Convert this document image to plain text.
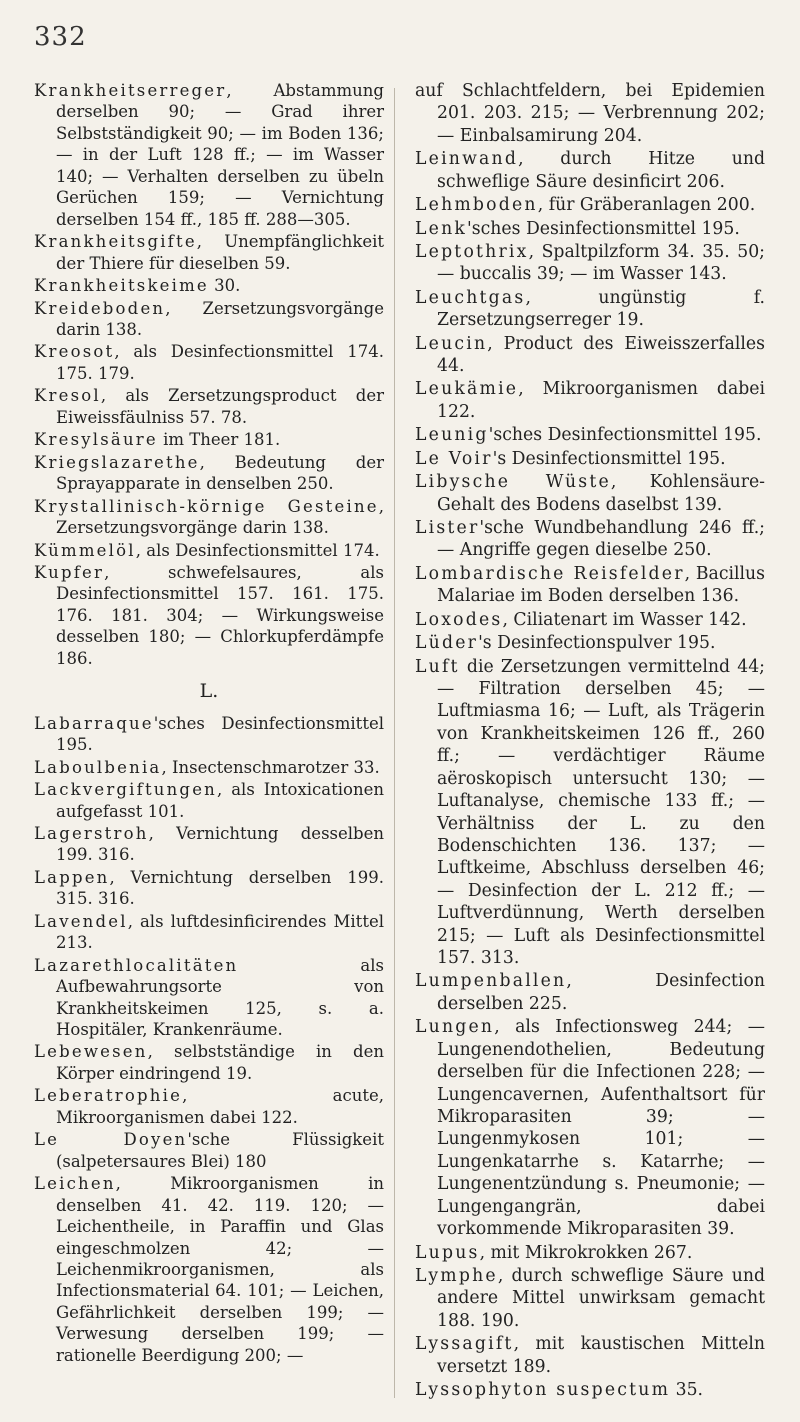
332
Krankheitserreger, Abstammung derselben 90; — Grad ihrer Selbstständigkeit 90; — im Boden 136; — in der Luft 128 ff.; — im Wasser 140; — Verhalten derselben zu übeln Gerüchen 159; — Vernichtung derselben 154 ff., 185 ff. 288—305.
Krankheitsgifte, Unempfänglichkeit der Thiere für dieselben 59.
Krankheitskeime 30.
Kreideboden, Zersetzungsvorgänge darin 138.
Kreosot, als Desinfectionsmittel 174. 175. 179.
Kresol, als Zersetzungsproduct der Eiweissfäulniss 57. 78.
Kresylsäure im Theer 181.
Kriegslazarethe, Bedeutung der Sprayapparate in denselben 250.
Krystallinisch-körnige Gesteine, Zersetzungsvorgänge darin 138.
Kümmelöl, als Desinfectionsmittel 174.
Kupfer, schwefelsaures, als Desinfectionsmittel 157. 161. 175. 176. 181. 304; — Wirkungsweise desselben 180; — Chlorkupferdämpfe 186.
L.
Labarraque'sches Desinfectionsmittel 195.
Laboulbenia, Insectenschmarotzer 33.
Lackvergiftungen, als Intoxicationen aufgefasst 101.
Lagerstroh, Vernichtung desselben 199. 316.
Lappen, Vernichtung derselben 199. 315. 316.
Lavendel, als luftdesinficirendes Mittel 213.
Lazarethlocalitäten als Aufbewahrungsorte von Krankheitskeimen 125, s. a. Hospitäler, Krankenräume.
Lebewesen, selbstständige in den Körper eindringend 19.
Leberatrophie, acute, Mikroorganismen dabei 122.
Le Doyen'sche Flüssigkeit (salpetersaures Blei) 180
Leichen, Mikroorganismen in denselben 41. 42. 119. 120; — Leichentheile, in Paraffin und Glas eingeschmolzen 42; — Leichenmikroorganismen, als Infectionsmaterial 64. 101; — Leichen, Gefährlichkeit derselben 199; — Verwesung derselben 199; — rationelle Beerdigung 200; —
auf Schlachtfeldern, bei Epidemien 201. 203. 215; — Verbrennung 202; — Einbalsamirung 204.
Leinwand, durch Hitze und schweflige Säure desinficirt 206.
Lehmboden, für Gräberanlagen 200.
Lenk'sches Desinfectionsmittel 195.
Leptothrix, Spaltpilzform 34. 35. 50; — buccalis 39; — im Wasser 143.
Leuchtgas, ungünstig f. Zersetzungserreger 19.
Leucin, Product des Eiweisszerfalles 44.
Leukämie, Mikroorganismen dabei 122.
Leunig'sches Desinfectionsmittel 195.
Le Voir's Desinfectionsmittel 195.
Libysche Wüste, Kohlensäure-Gehalt des Bodens daselbst 139.
Lister'sche Wundbehandlung 246 ff.; — Angriffe gegen dieselbe 250.
Lombardische Reisfelder, Bacillus Malariae im Boden derselben 136.
Loxodes, Ciliatenart im Wasser 142.
Lüder's Desinfectionspulver 195.
Luft die Zersetzungen vermittelnd 44; — Filtration derselben 45; — Luftmiasma 16; — Luft, als Trägerin von Krankheitskeimen 126 ff., 260 ff.; — verdächtiger Räume aëroskopisch untersucht 130; — Luftanalyse, chemische 133 ff.; — Verhältniss der L. zu den Bodenschichten 136. 137; — Luftkeime, Abschluss derselben 46; — Desinfection der L. 212 ff.; — Luftverdünnung, Werth derselben 215; — Luft als Desinfectionsmittel 157. 313.
Lumpenballen, Desinfection derselben 225.
Lungen, als Infectionsweg 244; — Lungenendothelien, Bedeutung derselben für die Infectionen 228; — Lungencavernen, Aufenthaltsort für Mikroparasiten 39; — Lungenmykosen 101; — Lungenkatarrhe s. Katarrhe; — Lungenentzündung s. Pneumonie; — Lungengangrän, dabei vorkommende Mikroparasiten 39.
Lupus, mit Mikrokrokken 267.
Lymphe, durch schweflige Säure und andere Mittel unwirksam gemacht 188. 190.
Lyssagift, mit kaustischen Mitteln versetzt 189.
Lyssophyton suspectum 35.
